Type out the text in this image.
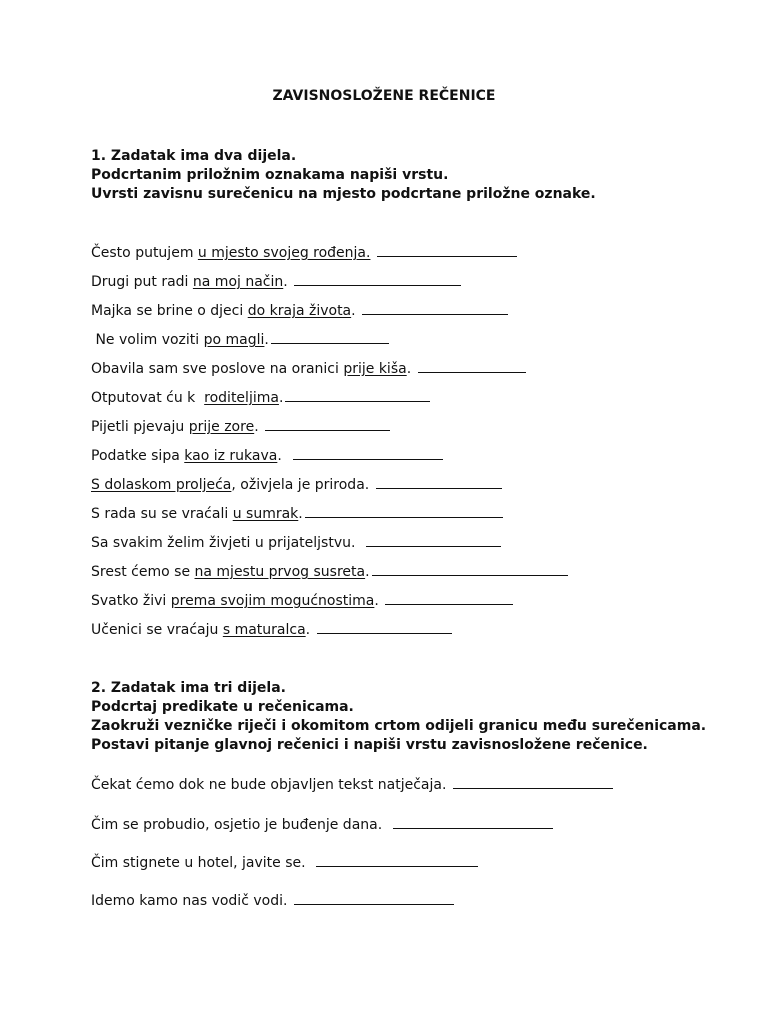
ZAVISNOSLOŽENE REČENICE
1. Zadatak ima dva dijela.
Podcrtanim priložnim oznakama napiši vrstu.
Uvrsti zavisnu surečenicu na mjesto podcrtane priložne oznake.
Često putujem u mjesto svojeg rođenja.
Drugi put radi na moj način.
Majka se brine o djeci do kraja života.
Ne volim voziti po magli.
Obavila sam sve poslove na oranici prije kiša.
Otputovat ću k  roditeljima.
Pijetli pjevaju prije zore.
Podatke sipa kao iz rukava.
S dolaskom proljeća, oživjela je priroda.
S rada su se vraćali u sumrak.
Sa svakim želim živjeti u prijateljstvu.
Srest ćemo se na mjestu prvog susreta.
Svatko živi prema svojim mogućnostima.
Učenici se vraćaju s maturalca.
2. Zadatak ima tri dijela.
Podcrtaj predikate u rečenicama.
Zaokruži vezničke riječi i okomitom crtom odijeli granicu među surečenicama.
Postavi pitanje glavnoj rečenici i napiši vrstu zavisnosložene rečenice.
Čekat ćemo dok ne bude objavljen tekst natječaja.
Čim se probudio, osjetio je buđenje dana.
Čim stignete u hotel, javite se.
Idemo kamo nas vodič vodi.
